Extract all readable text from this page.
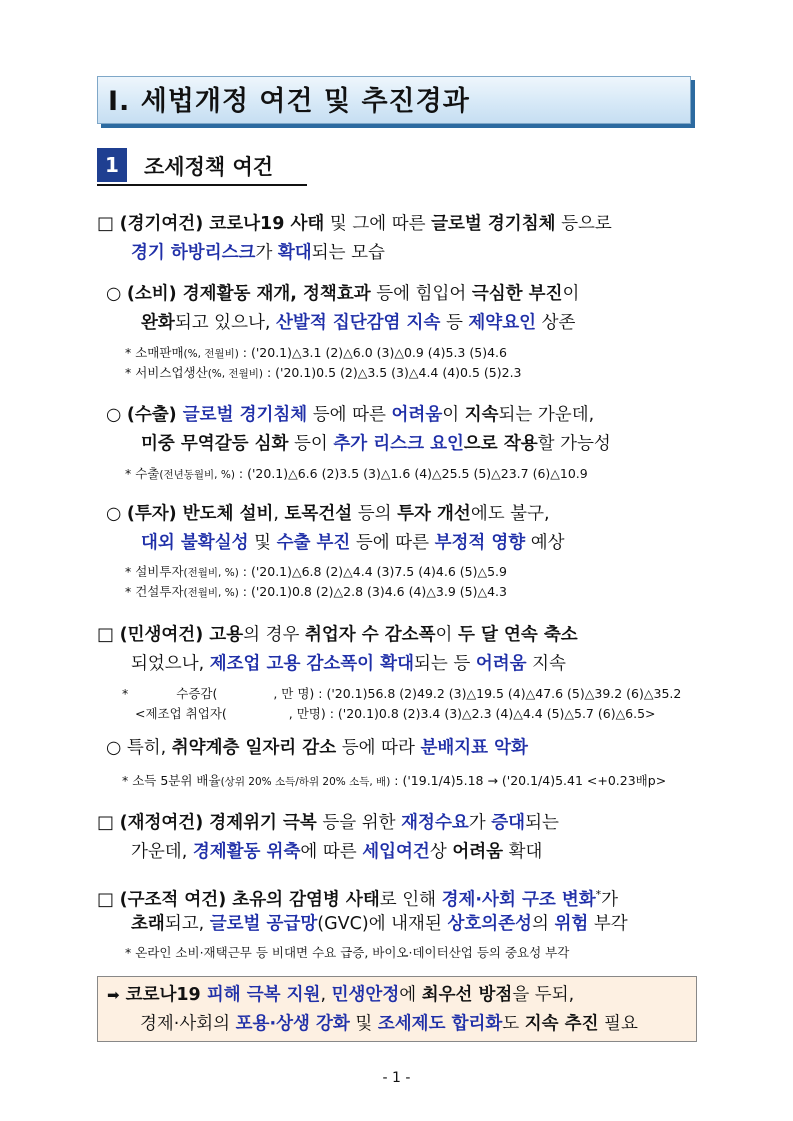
I. 세법개정 여건 및 추진경과
1	조세정책 여건
□ (경기여건) 코로나19 사태 및 그에 따른 글로벌 경기침체 등으로
경기 하방리스크가 확대되는 모습
○ (소비) 경제활동 재개, 정책효과 등에 힘입어 극심한 부진이
완화되고 있으나, 산발적 집단감염 지속 등 제약요인 상존
* 소매판매(%, 전월비) : ('20.1)△3.1 (2)△6.0 (3)△0.9 (4)5.3 (5)4.6
* 서비스업생산(%, 전월비) : ('20.1)0.5 (2)△3.5 (3)△4.4 (4)0.5 (5)2.3
○ (수출) 글로벌 경기침체 등에 따른 어려움이 지속되는 가운데,
미중 무역갈등 심화 등이 추가 리스크 요인으로 작용할 가능성
* 수출(전년동월비, %) : ('20.1)△6.6 (2)3.5 (3)△1.6 (4)△25.5 (5)△23.7 (6)△10.9
○ (투자) 반도체 설비, 토목건설 등의 투자 개선에도 불구,
대외 불확실성 및 수출 부진 등에 따른 부정적 영향 예상
* 설비투자(전월비, %) : ('20.1)△6.8 (2)△4.4 (3)7.5 (4)4.6 (5)△5.9
* 건설투자(전월비, %) : ('20.1)0.8 (2)△2.8 (3)4.6 (4)△3.9 (5)△4.3
□ (민생여건) 고용의 경우 취업자 수 감소폭이 두 달 연속 축소
되었으나, 제조업 고용 감소폭이 확대되는 등 어려움 지속
*	수증감(	, 만 명) : ('20.1)56.8 (2)49.2 (3)△19.5 (4)△47.6 (5)△39.2 (6)△35.2
<제조업 취업자(	, 만명) : ('20.1)0.8 (2)3.4 (3)△2.3 (4)△4.4 (5)△5.7 (6)△6.5>
○ 특히, 취약계층 일자리 감소 등에 따라 분배지표 악화
* 소득 5분위 배율(상위 20% 소득/하위 20% 소득, 배) : ('19.1/4)5.18 → ('20.1/4)5.41 <+0.23배p>
□ (재정여건) 경제위기 극복 등을 위한 재정수요가 증대되는
가운데, 경제활동 위축에 따른 세입여건상 어려움 확대
□ (구조적 여건) 초유의 감염병 사태로 인해 경제·사회 구조 변화*가
초래되고, 글로벌 공급망(GVC)에 내재된 상호의존성의 위험 부각
* 온라인 소비·재택근무 등 비대면 수요 급증, 바이오·데이터산업 등의 중요성 부각
➡ 코로나19 피해 극복 지원, 민생안정에 최우선 방점을 두되,
경제·사회의 포용·상생 강화 및 조세제도 합리화도 지속 추진 필요
- 1 -
